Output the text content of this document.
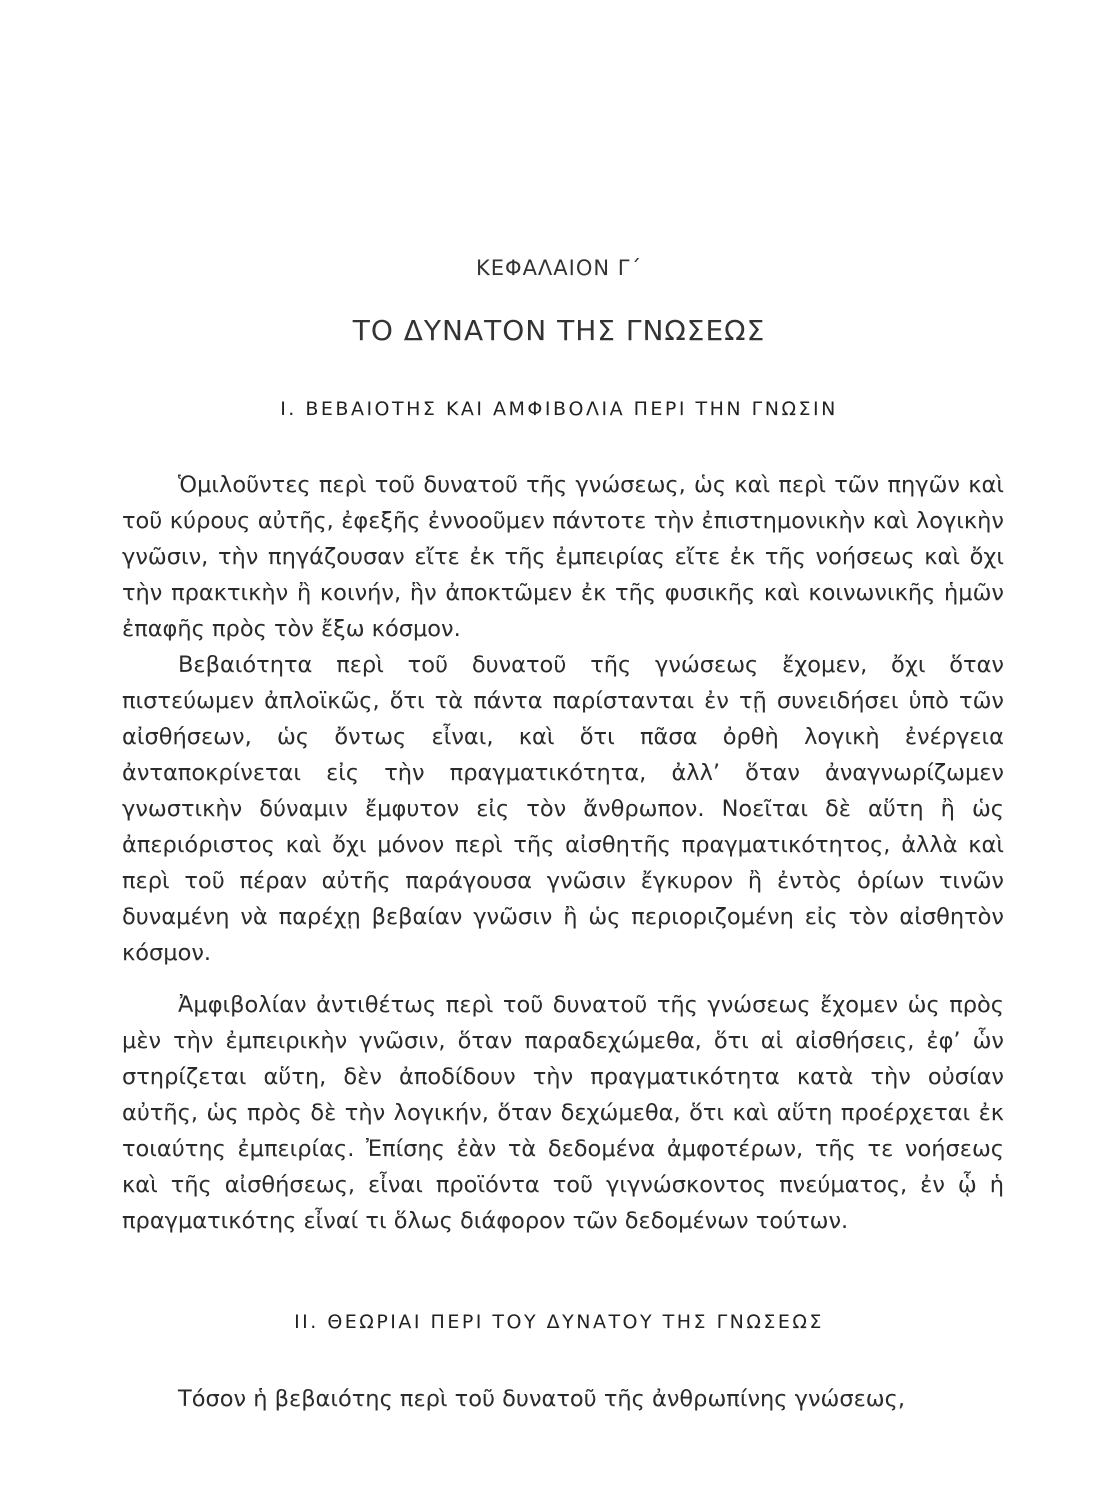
ΚΕΦΑΛΑΙΟΝ Γ΄
ΤΟ ΔΥΝΑΤΟΝ ΤΗΣ ΓΝΩΣΕΩΣ
I. ΒΕΒΑΙΟΤΗΣ ΚΑΙ ΑΜΦΙΒΟΛΙΑ ΠΕΡΙ ΤΗΝ ΓΝΩΣΙΝ

Ὁμιλοῦντες περὶ τοῦ δυνατοῦ τῆς γνώσεως, ὡς καὶ περὶ τῶν πηγῶν καὶ τοῦ κύρους αὐτῆς, ἐφεξῆς ἐννοοῦμεν πάντοτε τὴν ἐπιστημονικὴν καὶ λογικὴν γνῶσιν, τὴν πηγάζουσαν εἴτε ἐκ τῆς ἐμπειρίας εἴτε ἐκ τῆς νοήσεως καὶ ὄχι τὴν πρακτικὴν ἢ κοινήν, ἣν ἀποκτῶμεν ἐκ τῆς φυσικῆς καὶ κοινωνικῆς ἡμῶν ἐπαφῆς πρὸς τὸν ἔξω κόσμον.

Βεβαιότητα περὶ τοῦ δυνατοῦ τῆς γνώσεως ἔχομεν, ὄχι ὅταν πιστεύωμεν ἀπλοϊκῶς, ὅτι τὰ πάντα παρίστανται ἐν τῇ συνειδήσει ὑπὸ τῶν αἰσθήσεων, ὡς ὄντως εἶναι, καὶ ὅτι πᾶσα ὀρθὴ λογικὴ ἐνέργεια ἀνταποκρίνεται εἰς τὴν πραγματικότητα, ἀλλ’ ὅταν ἀναγνωρίζωμεν γνωστικὴν δύναμιν ἔμφυτον εἰς τὸν ἄνθρωπον. Νοεῖται δὲ αὕτη ἢ ὡς ἀπεριόριστος καὶ ὄχι μόνον περὶ τῆς αἰσθητῆς πραγματικότητος, ἀλλὰ καὶ περὶ τοῦ πέραν αὐτῆς παράγουσα γνῶσιν ἔγκυρον ἢ ἐντὸς ὁρίων τινῶν δυναμένη νὰ παρέχῃ βεβαίαν γνῶσιν ἢ ὡς περιοριζομένη εἰς τὸν αἰσθητὸν κόσμον.

Ἀμφιβολίαν ἀντιθέτως περὶ τοῦ δυνατοῦ τῆς γνώσεως ἔχομεν ὡς πρὸς μὲν τὴν ἐμπειρικὴν γνῶσιν, ὅταν παραδεχώμεθα, ὅτι αἱ αἰσθήσεις, ἐφ’ ὧν στηρίζεται αὕτη, δὲν ἀποδίδουν τὴν πραγματικότητα κατὰ τὴν οὐσίαν αὐτῆς, ὡς πρὸς δὲ τὴν λογικήν, ὅταν δεχώμεθα, ὅτι καὶ αὕτη προέρχεται ἐκ τοιαύτης ἐμπειρίας. Ἐπίσης ἐὰν τὰ δεδομένα ἀμφοτέρων, τῆς τε νοήσεως καὶ τῆς αἰσθήσεως, εἶναι προϊόντα τοῦ γιγνώσκοντος πνεύματος, ἐν ᾧ ἡ πραγματικότης εἶναί τι ὅλως διάφορον τῶν δεδομένων τούτων.

II. ΘΕΩΡΙΑΙ ΠΕΡΙ ΤΟΥ ΔΥΝΑΤΟΥ ΤΗΣ ΓΝΩΣΕΩΣ

Τόσον ἡ βεβαιότης περὶ τοῦ δυνατοῦ τῆς ἀνθρωπίνης γνώσεως,
